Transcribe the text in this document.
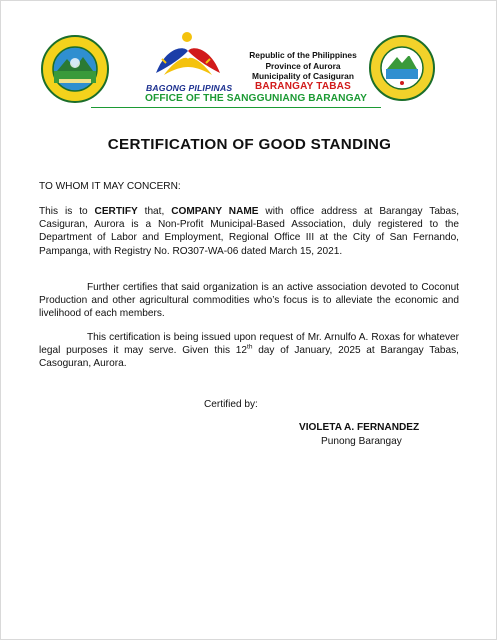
BAGONG PILIPINAS
Republic of the Philippines
Province of Aurora
Municipality of Casiguran
BARANGAY TABAS
OFFICE OF THE SANGGUNIANG BARANGAY
CERTIFICATION OF GOOD STANDING
TO WHOM IT MAY CONCERN:
This is to CERTIFY that, COMPANY NAME with office address at Barangay Tabas, Casiguran, Aurora is a Non-Profit Municipal-Based Association, duly registered to the Department of Labor and Employment, Regional Office III at the City of San Fernando, Pampanga, with Registry No. RO307-WA-06 dated March 15, 2021.
Further certifies that said organization is an active association devoted to Coconut Production and other agricultural commodities who’s focus is to alleviate the economic and livelihood of each members.
This certification is being issued upon request of Mr. Arnulfo A. Roxas for whatever legal purposes it may serve. Given this 12th day of January, 2025 at Barangay Tabas, Casoguran, Aurora.
Certified by:
VIOLETA A. FERNANDEZ
Punong Barangay
